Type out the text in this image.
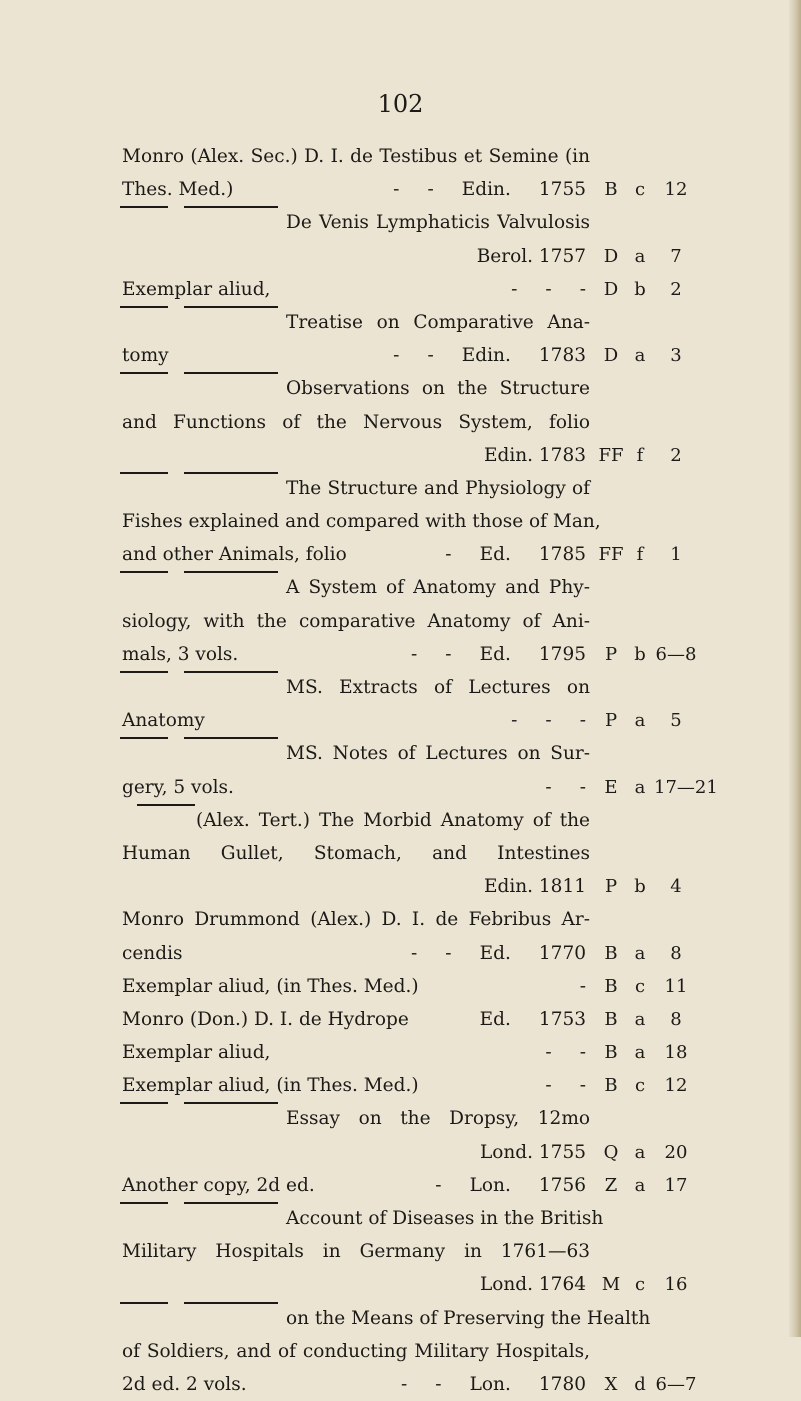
102
Monro (Alex. Sec.) D. I. de Testibus et Semine (in
Thes. Med.)	- - Edin. 1755	B c 12
De Venis Lymphaticis Valvulosis
Berol. 1757 D a 7
Exemplar aliud,	- - - D b 2
Treatise on Comparative Ana-
tomy	- - Edin. 1783 D a 3
Observations on the Structure
and Functions of the Nervous System, folio
Edin. 1783 FF f 2
The Structure and Physiology of
Fishes explained and compared with those of Man,
and other Animals, folio	- Ed. 1785 FF f 1
A System of Anatomy and Phy-
siology, with the comparative Anatomy of Ani-
mals, 3 vols.	- - Ed. 1795	P b 6—8
MS. Extracts of Lectures on
Anatomy	- - -	P a 5
MS. Notes of Lectures on Sur-
gery, 5 vols.	- -	E a 17—21
(Alex. Tert.) The Morbid Anatomy of the
Human Gullet, Stomach, and Intestines
Edin. 1811	P b 4
Monro Drummond (Alex.) D. I. de Febribus Ar-
cendis	- - Ed. 1770	B a 8
Exemplar aliud, (in Thes. Med.)	-	B c 11
Monro (Don.) D. I. de Hydrope	Ed. 1753	B a 8
Exemplar aliud,	- -	B a 18
Exemplar aliud, (in Thes. Med.)	- -	B c 12
Essay on the Dropsy, 12mo
Lond. 1755 Q a 20
Another copy, 2d ed.	- Lon. 1756	Z a 17
Account of Diseases in the British
Military Hospitals in Germany in 1761—63
Lond. 1764 M c 16
on the Means of Preserving the Health
of Soldiers, and of conducting Military Hospitals,
2d ed. 2 vols.	- - Lon. 1780	X d 6—7
